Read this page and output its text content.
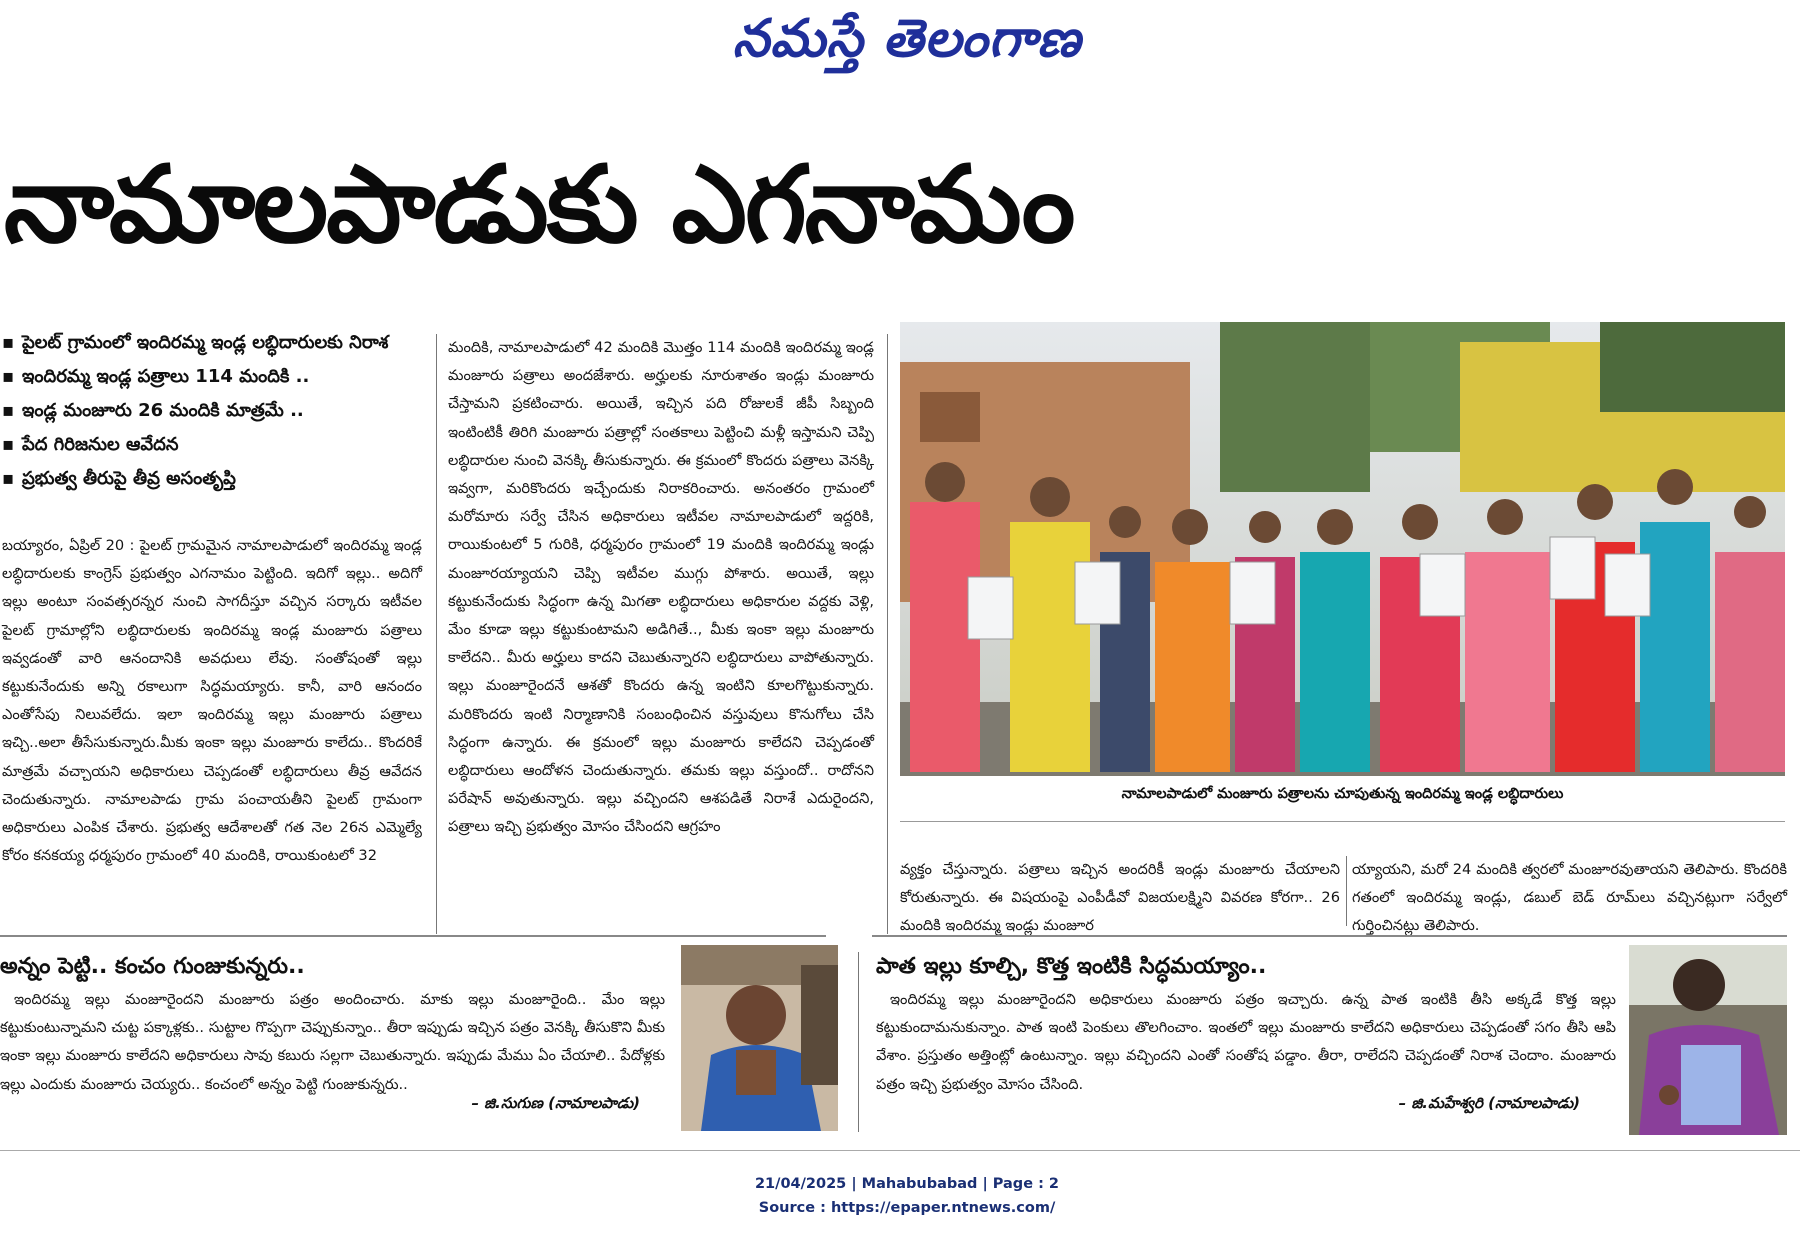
నమస్తే తెలంగాణ
నామాలపాడుకు ఎగనామం
▪ పైలట్ గ్రామంలో ఇందిరమ్మ ఇండ్ల లబ్ధిదారులకు నిరాశ
▪ ఇందిరమ్మ ఇండ్ల పత్రాలు 114 మందికి ..
▪ ఇండ్ల మంజూరు 26 మందికి మాత్రమే ..
▪ పేద గిరిజనుల ఆవేదన
▪ ప్రభుత్వ తీరుపై తీవ్ర అసంతృప్తి
బయ్యారం, ఏప్రిల్ 20 : పైలట్ గ్రామమైన నామాలపాడులో ఇందిరమ్మ ఇండ్ల లబ్ధిదారులకు కాంగ్రెస్ ప్రభుత్వం ఎగనామం పెట్టింది. ఇదిగో ఇల్లు.. అదిగో ఇల్లు అంటూ సంవత్సరన్నర నుంచి సాగదీస్తూ వచ్చిన సర్కారు ఇటీవల పైలట్ గ్రామాల్లోని లబ్ధిదారులకు ఇందిరమ్మ ఇండ్ల మంజూరు పత్రాలు ఇవ్వడంతో వారి ఆనందానికి అవధులు లేవు. సంతోషంతో ఇల్లు కట్టుకునేందుకు అన్ని రకాలుగా సిద్ధమయ్యారు. కానీ, వారి ఆనందం ఎంతోసేపు నిలువలేదు. ఇలా ఇందిరమ్మ ఇల్లు మంజూరు పత్రాలు ఇచ్చి..అలా తీసేసుకున్నారు.మీకు ఇంకా ఇల్లు మంజూరు కాలేదు.. కొందరికే మాత్రమే వచ్చాయని అధికారులు చెప్పడంతో లబ్ధిదారులు తీవ్ర ఆవేదన చెందుతున్నారు. నామాలపాడు గ్రామ పంచాయతీని పైలట్ గ్రామంగా అధికారులు ఎంపిక చేశారు. ప్రభుత్వ ఆదేశాలతో గత నెల 26న ఎమ్మెల్యే కోరం కనకయ్య ధర్మపురం గ్రామంలో 40 మందికి, రాయికుంటలో 32
మందికి, నామాలపాడులో 42 మందికి మొత్తం 114 మందికి ఇందిరమ్మ ఇండ్ల మంజూరు పత్రాలు అందజేశారు. అర్హులకు నూరుశాతం ఇండ్లు మంజూరు చేస్తామని ప్రకటించారు. అయితే, ఇచ్చిన పది రోజులకే జీపీ సిబ్బంది ఇంటింటికీ తిరిగి మంజూరు పత్రాల్లో సంతకాలు పెట్టించి మళ్లీ ఇస్తామని చెప్పి లబ్ధిదారుల నుంచి వెనక్కి తీసుకున్నారు. ఈ క్రమంలో కొందరు పత్రాలు వెనక్కి ఇవ్వగా, మరికొందరు ఇచ్చేందుకు నిరాకరించారు. అనంతరం గ్రామంలో మరోమారు సర్వే చేసిన అధికారులు ఇటీవల నామాలపాడులో ఇద్దరికి, రాయికుంటలో 5 గురికి, ధర్మపురం గ్రామంలో 19 మందికి ఇందిరమ్మ ఇండ్లు మంజూరయ్యాయని చెప్పి ఇటీవల ముగ్గు పోశారు. అయితే, ఇల్లు కట్టుకునేందుకు సిద్ధంగా ఉన్న మిగతా లబ్ధిదారులు అధికారుల వద్దకు వెళ్లి, మేం కూడా ఇల్లు కట్టుకుంటామని అడిగితే.., మీకు ఇంకా ఇల్లు మంజూరు కాలేదని.. మీరు అర్హులు కాదని చెబుతున్నారని లబ్ధిదారులు వాపోతున్నారు. ఇల్లు మంజూరైందనే ఆశతో కొందరు ఉన్న ఇంటిని కూలగొట్టుకున్నారు. మరికొందరు ఇంటి నిర్మాణానికి సంబంధించిన వస్తువులు కొనుగోలు చేసి సిద్ధంగా ఉన్నారు. ఈ క్రమంలో ఇల్లు మంజూరు కాలేదని చెప్పడంతో లబ్ధిదారులు ఆందోళన చెందుతున్నారు. తమకు ఇల్లు వస్తుందో.. రాదోనని పరేషాన్ అవుతున్నారు. ఇల్లు వచ్చిందని ఆశపడితే నిరాశే ఎదురైందని, పత్రాలు ఇచ్చి ప్రభుత్వం మోసం చేసిందని ఆగ్రహం
నామాలపాడులో మంజూరు పత్రాలను చూపుతున్న ఇందిరమ్మ ఇండ్ల లబ్ధిదారులు
వ్యక్తం చేస్తున్నారు. పత్రాలు ఇచ్చిన అందరికీ ఇండ్లు మంజూరు చేయాలని కోరుతున్నారు. ఈ విషయంపై ఎంపీడీవో విజయలక్ష్మిని వివరణ కోరగా.. 26 మందికి ఇందిరమ్మ ఇండ్లు మంజూర
య్యాయని, మరో 24 మందికి త్వరలో మంజూరవుతాయని తెలిపారు. కొందరికి గతంలో ఇందిరమ్మ ఇండ్లు, డబుల్ బెడ్ రూమ్‌లు వచ్చినట్లుగా సర్వేలో గుర్తించినట్లు తెలిపారు.
అన్నం పెట్టి.. కంచం గుంజుకున్నరు..
ఇందిరమ్మ ఇల్లు మంజూరైందని మంజూరు పత్రం అందించారు. మాకు ఇల్లు మంజూరైంది.. మేం ఇల్లు కట్టుకుంటున్నామని చుట్ట పక్కాళ్లకు.. సుట్టాల గొప్పగా చెప్పుకున్నాం.. తీరా ఇప్పుడు ఇచ్చిన పత్రం వెనక్కి తీసుకొని మీకు ఇంకా ఇల్లు మంజూరు కాలేదని అధికారులు సావు కబురు సల్లగా చెబుతున్నారు. ఇప్పుడు మేము ఏం చేయాలి.. పేదోళ్లకు ఇల్లు ఎందుకు మంజూరు చెయ్యరు.. కంచంలో అన్నం పెట్టి గుంజుకున్నరు..
– జి.సుగుణ (నామాలపాడు)
పాత ఇల్లు కూల్చి, కొత్త ఇంటికి సిద్ధమయ్యాం..
ఇందిరమ్మ ఇల్లు మంజూరైందని అధికారులు మంజూరు పత్రం ఇచ్చారు. ఉన్న పాత ఇంటికి తీసి అక్కడే కొత్త ఇల్లు కట్టుకుందామనుకున్నాం. పాత ఇంటి పెంకులు తొలగించాం. ఇంతలో ఇల్లు మంజూరు కాలేదని అధికారులు చెప్పడంతో సగం తీసి ఆపి వేశాం. ప్రస్తుతం అత్తింట్లో ఉంటున్నాం. ఇల్లు వచ్చిందని ఎంతో సంతోష పడ్డాం. తీరా, రాలేదని చెప్పడంతో నిరాశ చెందాం. మంజూరు పత్రం ఇచ్చి ప్రభుత్వం మోసం చేసింది.
– జి.మహేశ్వరి (నామాలపాడు)
21/04/2025 | Mahabubabad | Page : 2
Source : https://epaper.ntnews.com/
